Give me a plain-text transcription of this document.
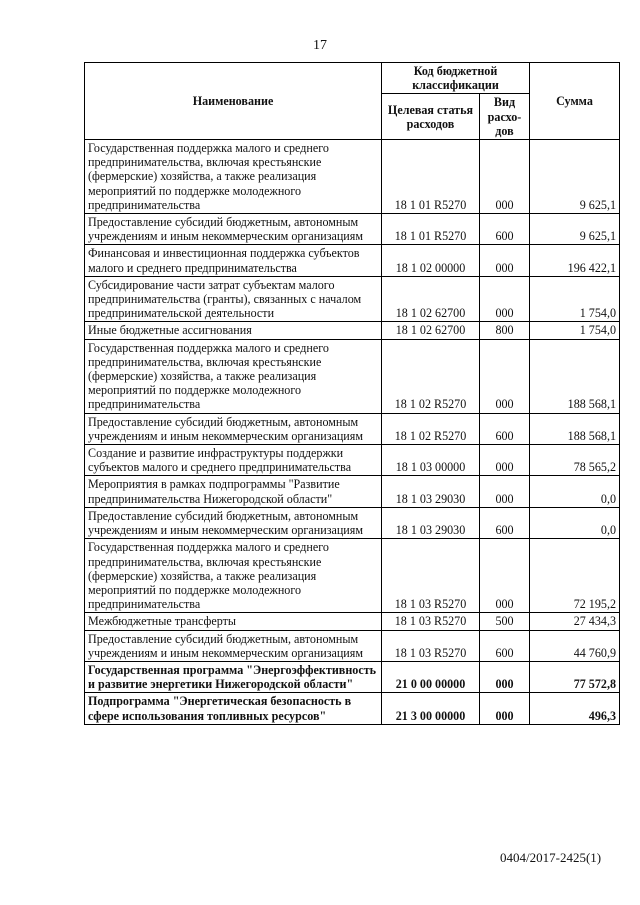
17
Наименование	Код бюджетной классификации		Сумма
	Целевая статья расходов	Вид расхо-дов	
Государственная поддержка малого и среднего предпринимательства, включая крестьянские (фермерские) хозяйства, а также реализация мероприятий по поддержке молодежного предпринимательства	18 1 01 R5270	000	9 625,1
Предоставление субсидий бюджетным, автономным учреждениям и иным некоммерческим организациям	18 1 01 R5270	600	9 625,1
Финансовая и инвестиционная поддержка субъектов малого и среднего предпринимательства	18 1 02 00000	000	196 422,1
Субсидирование части затрат субъектам малого предпринимательства (гранты), связанных с началом предпринимательской деятельности	18 1 02 62700	000	1 754,0
Иные бюджетные ассигнования	18 1 02 62700	800	1 754,0
Государственная поддержка малого и среднего предпринимательства, включая крестьянские (фермерские) хозяйства, а также реализация мероприятий по поддержке молодежного предпринимательства	18 1 02 R5270	000	188 568,1
Предоставление субсидий бюджетным, автономным учреждениям и иным некоммерческим организациям	18 1 02 R5270	600	188 568,1
Создание и развитие инфраструктуры поддержки субъектов малого и среднего предпринимательства	18 1 03 00000	000	78 565,2
Мероприятия в рамках подпрограммы "Развитие предпринимательства Нижегородской области"	18 1 03 29030	000	0,0
Предоставление субсидий бюджетным, автономным учреждениям и иным некоммерческим организациям	18 1 03 29030	600	0,0
Государственная поддержка малого и среднего предпринимательства, включая крестьянские (фермерские) хозяйства, а также реализация мероприятий по поддержке молодежного предпринимательства	18 1 03 R5270	000	72 195,2
Межбюджетные трансферты	18 1 03 R5270	500	27 434,3
Предоставление субсидий бюджетным, автономным учреждениям и иным некоммерческим организациям	18 1 03 R5270	600	44 760,9
Государственная программа "Энергоэффективность и развитие энергетики Нижегородской области"	21 0 00 00000	000	77 572,8
Подпрограмма "Энергетическая безопасность в сфере использования топливных ресурсов"	21 3 00 00000	000	496,3
0404/2017-2425(1)
